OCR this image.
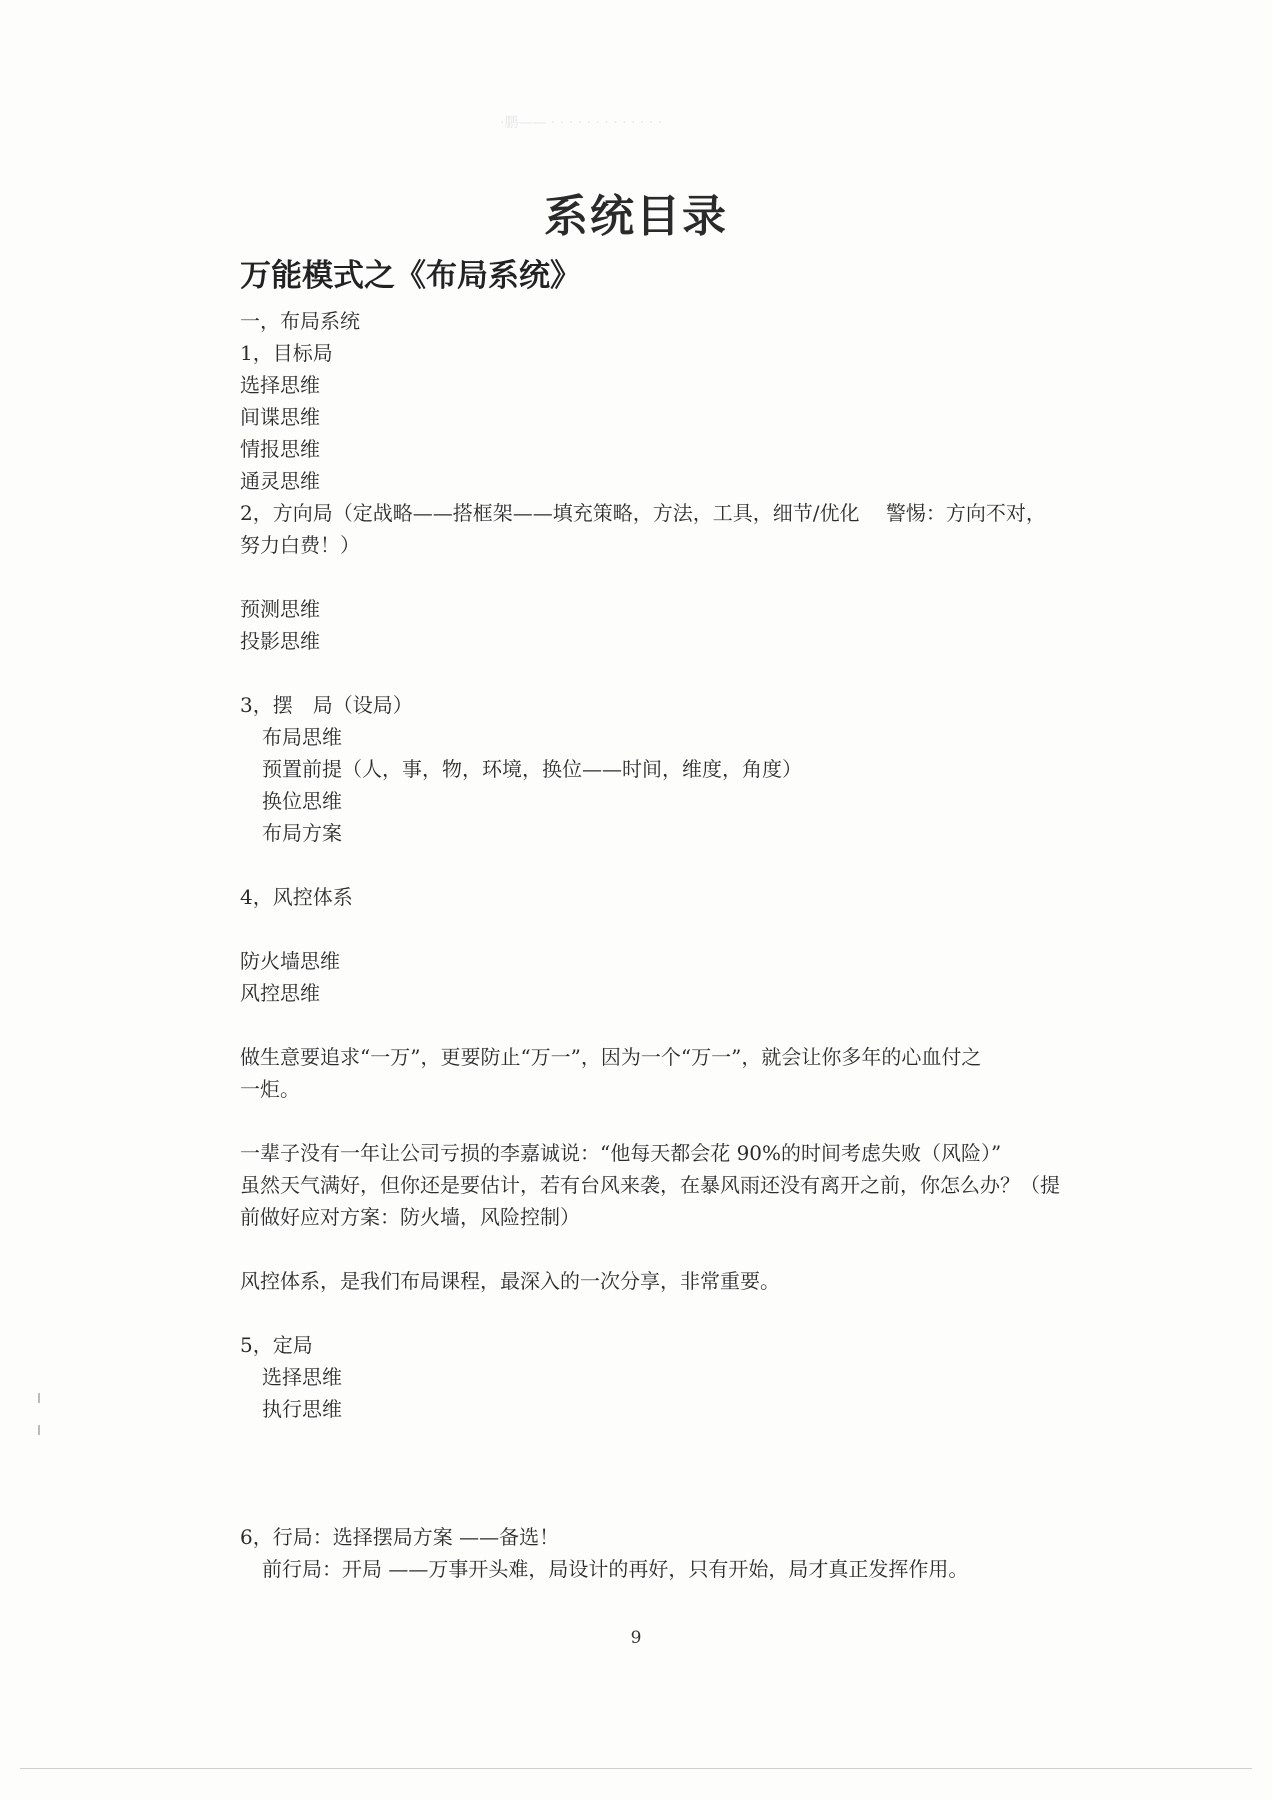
·鹏—— · · · · · · · · · · · · ·
系统目录
万能模式之《布局系统》
一，布局系统
1，目标局
选择思维
间谍思维
情报思维
通灵思维
2，方向局（定战略——搭框架——填充策略，方法，工具，细节/优化　 警惕：方向不对，
努力白费！）
预测思维
投影思维
3，摆　局（设局）
布局思维
预置前提（人，事，物，环境，换位——时间，维度，角度）
换位思维
布局方案
4，风控体系
防火墙思维
风控思维
做生意要追求“一万”，更要防止“万一”，因为一个“万一”，就会让你多年的心血付之
一炬。
一辈子没有一年让公司亏损的李嘉诚说：“他每天都会花 90%的时间考虑失败（风险）”
虽然天气满好，但你还是要估计，若有台风来袭，在暴风雨还没有离开之前，你怎么办？（提
前做好应对方案：防火墙，风险控制）
风控体系，是我们布局课程，最深入的一次分享，非常重要。
5，定局
选择思维
执行思维
6，行局：选择摆局方案 ——备选！
前行局：开局 ——万事开头难，局设计的再好，只有开始，局才真正发挥作用。
9
